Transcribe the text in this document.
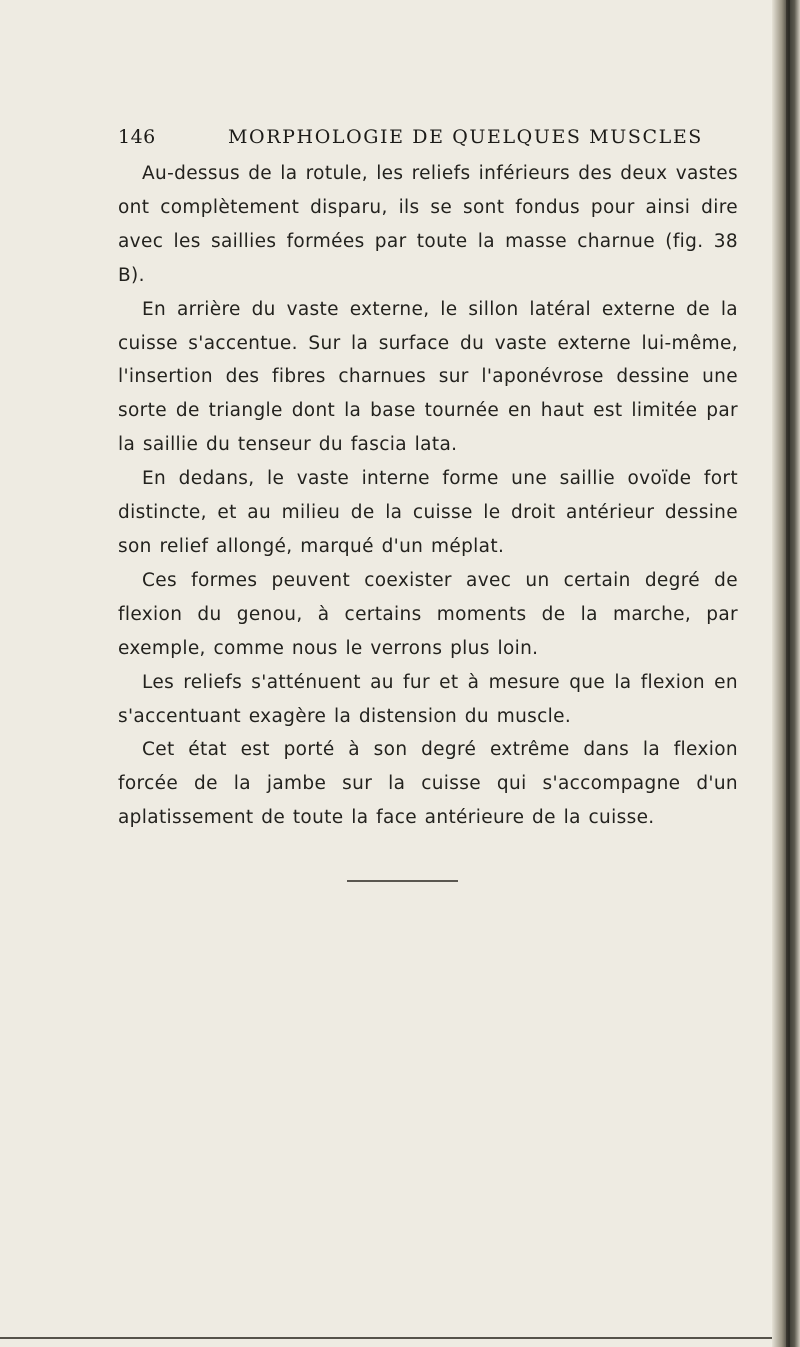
146	MORPHOLOGIE DE QUELQUES MUSCLES

Au-dessus de la rotule, les reliefs inférieurs des deux vastes ont complètement disparu, ils se sont fondus pour ainsi dire avec les saillies formées par toute la masse charnue (fig. 38 B).

En arrière du vaste externe, le sillon latéral externe de la cuisse s'accentue. Sur la surface du vaste externe lui-même, l'insertion des fibres charnues sur l'aponévrose dessine une sorte de triangle dont la base tournée en haut est limitée par la saillie du tenseur du fascia lata.

En dedans, le vaste interne forme une saillie ovoïde fort distincte, et au milieu de la cuisse le droit antérieur dessine son relief allongé, marqué d'un méplat.

Ces formes peuvent coexister avec un certain degré de flexion du genou, à certains moments de la marche, par exemple, comme nous le verrons plus loin.

Les reliefs s'atténuent au fur et à mesure que la flexion en s'accentuant exagère la distension du muscle.

Cet état est porté à son degré extrême dans la flexion forcée de la jambe sur la cuisse qui s'accompagne d'un aplatissement de toute la face antérieure de la cuisse.
